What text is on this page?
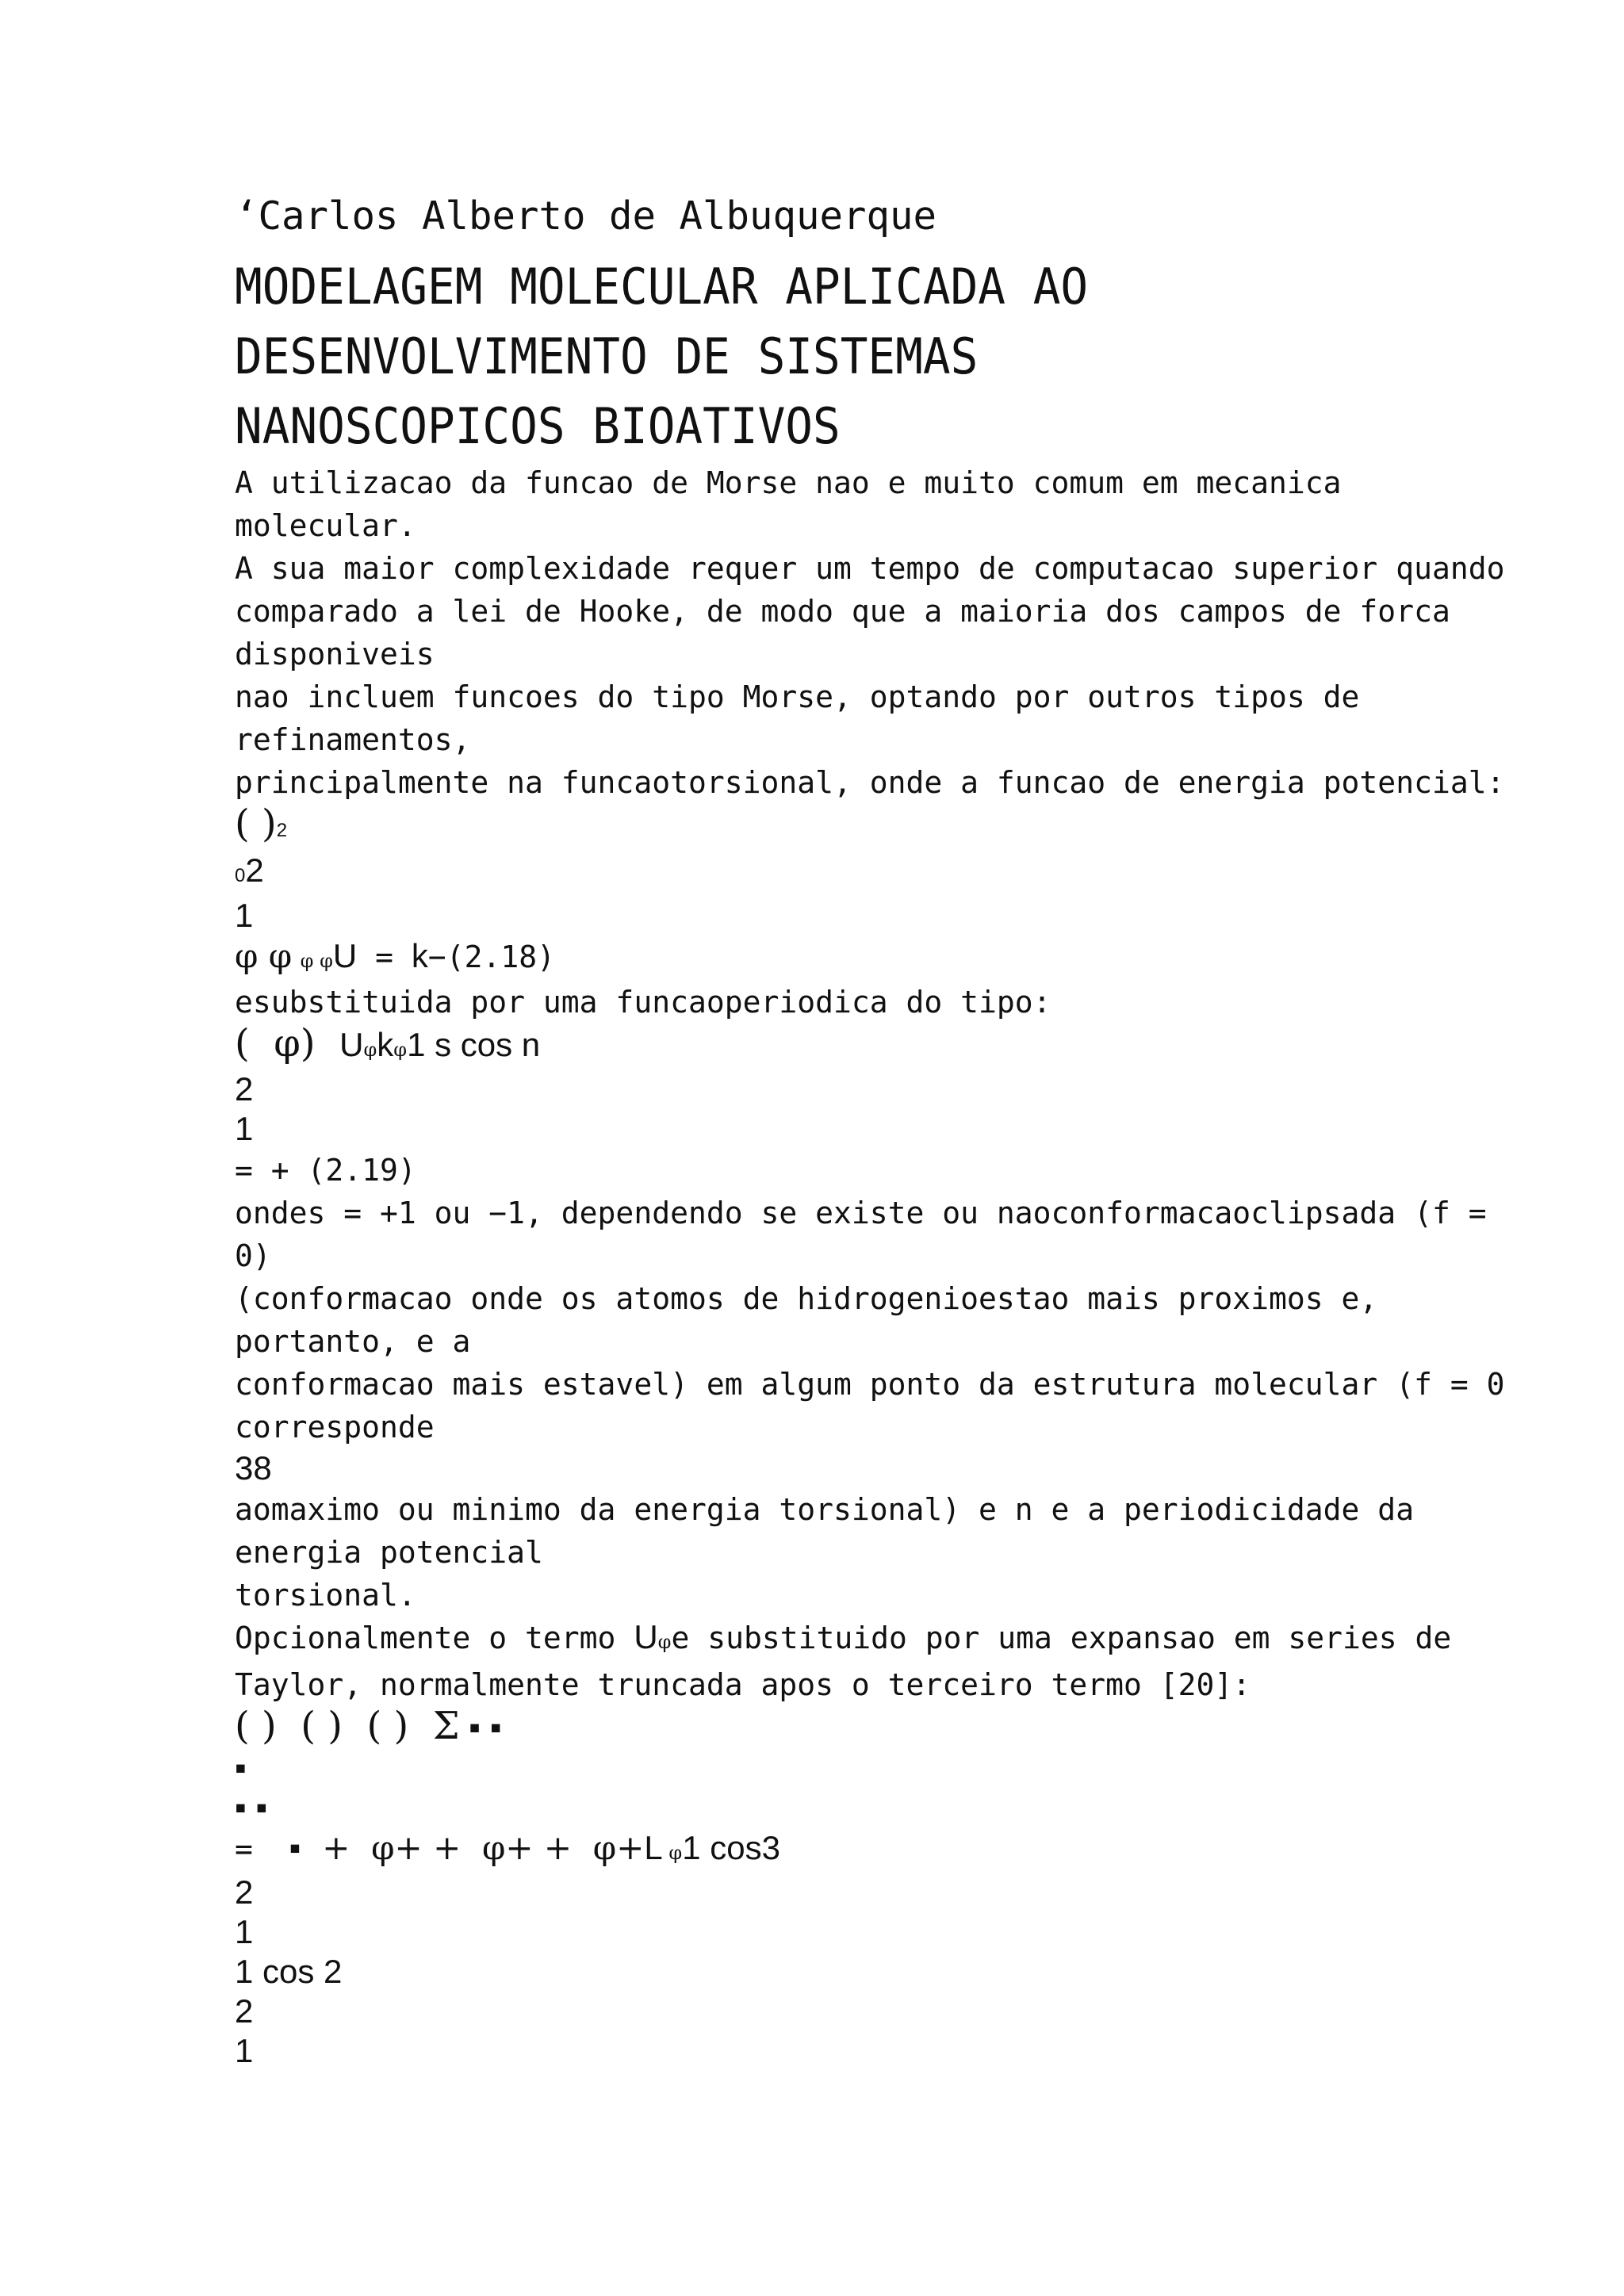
‘Carlos Alberto de Albuquerque
MODELAGEM MOLECULAR APLICADA AO
DESENVOLVIMENTO DE SISTEMAS
NANOSCOPICOS BIOATIVOS
A utilizacao da funcao de Morse nao e muito comum em mecanica
molecular.
A sua maior complexidade requer um tempo de computacao superior quando
comparado a lei de Hooke, de modo que a maioria dos campos de forca
disponiveis
nao incluem funcoes do tipo Morse, optando por outros tipos de
refinamentos,
principalmente na funcaotorsional, onde a funcao de energia potencial:
( )2
02
1
φ φ φ φU = k−(2.18)
esubstituida por uma funcaoperiodica do tipo:
(  φ)  Uφkφ1 s cos n
2
1
= + (2.19)
ondes = +1 ou −1, dependendo se existe ou naoconformacaoclipsada (f =
0)
(conformacao onde os atomos de hidrogenioestao mais proximos e,
portanto, e a
conformacao mais estavel) em algum ponto da estrutura molecular (f = 0
corresponde
38
aomaximo ou minimo da energia torsional) e n e a periodicidade da
energia potencial
torsional.
Opcionalmente o termo Uφe substituido por uma expansao em series de
Taylor, normalmente truncada apos o terceiro termo [20]:
( )  ( )  ( )  Σ ▪ ▪
▪
▪ ▪
=  ▪  +  φ+ +  φ+ +  φ+L φ1 cos3
2
1
1 cos 2
2
1
